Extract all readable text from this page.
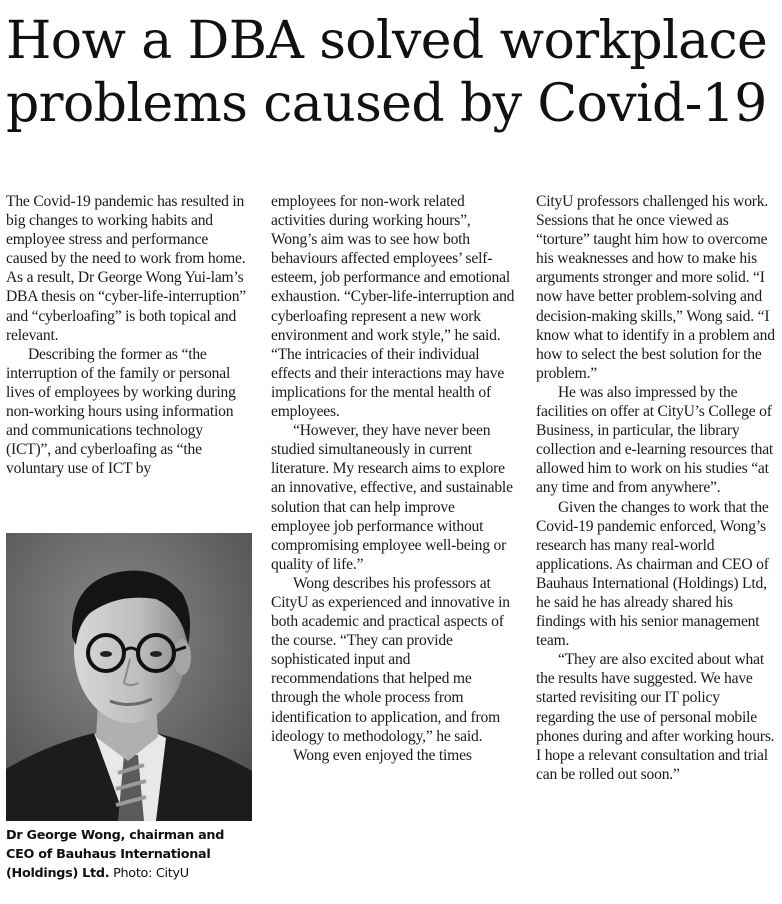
How a DBA solved workplace
problems caused by Covid-19

The Covid-19 pandemic has resulted in big changes to working habits and employee stress and performance caused by the need to work from home. As a result, Dr George Wong Yui-lam’s DBA thesis on “cyber-life-interruption” and “cyberloafing” is both topical and relevant.

Describing the former as “the interruption of the family or personal lives of employees by working during non-working hours using information and communications technology (ICT)”, and cyberloafing as “the voluntary use of ICT by

Dr George Wong, chairman and CEO of Bauhaus International (Holdings) Ltd. Photo: CityU

employees for non-work related activities during working hours”, Wong’s aim was to see how both behaviours affected employees’ self-esteem, job performance and emotional exhaustion. “Cyber-life-interruption and cyberloafing represent a new work environment and work style,” he said. “The intricacies of their individual effects and their interactions may have implications for the mental health of employees.

“However, they have never been studied simultaneously in current literature. My research aims to explore an innovative, effective, and sustainable solution that can help improve employee job performance without compromising employee well-being or quality of life.”

Wong describes his professors at CityU as experienced and innovative in both academic and practical aspects of the course. “They can provide sophisticated input and recommendations that helped me through the whole process from identification to application, and from ideology to methodology,” he said.

Wong even enjoyed the times

CityU professors challenged his work. Sessions that he once viewed as “torture” taught him how to overcome his weaknesses and how to make his arguments stronger and more solid. “I now have better problem-solving and decision-making skills,” Wong said. “I know what to identify in a problem and how to select the best solution for the problem.”

He was also impressed by the facilities on offer at CityU’s College of Business, in particular, the library collection and e-learning resources that allowed him to work on his studies “at any time and from anywhere”.

Given the changes to work that the Covid-19 pandemic enforced, Wong’s research has many real-world applications. As chairman and CEO of Bauhaus International (Holdings) Ltd, he said he has already shared his findings with his senior management team.

“They are also excited about what the results have suggested. We have started revisiting our IT policy regarding the use of personal mobile phones during and after working hours. I hope a relevant consultation and trial can be rolled out soon.”
